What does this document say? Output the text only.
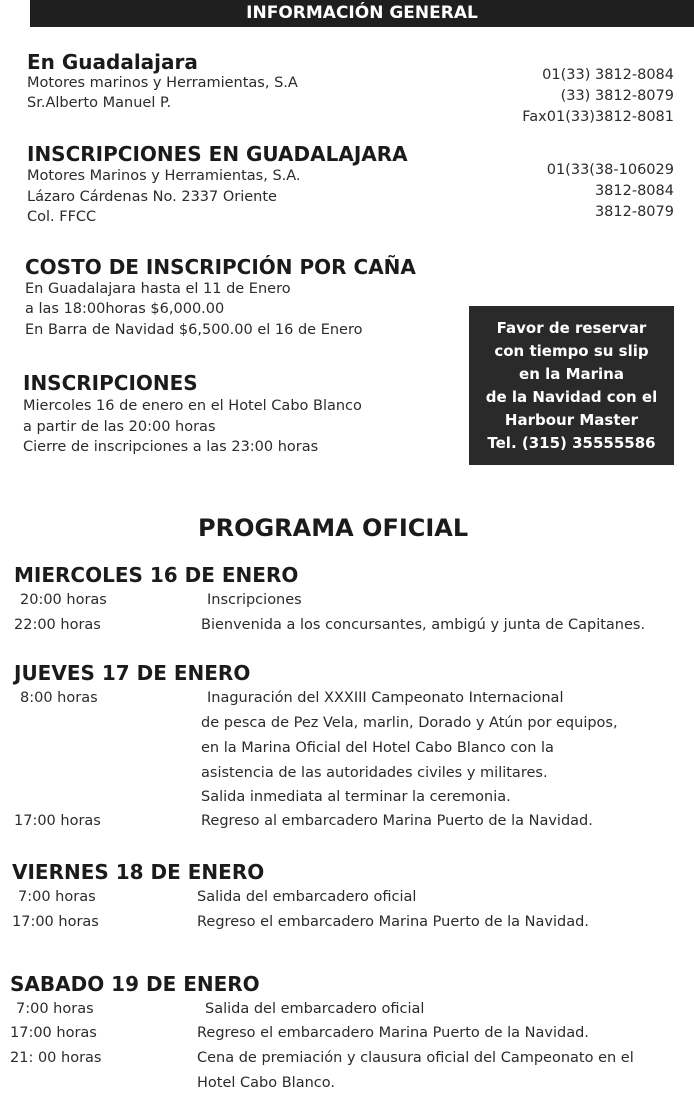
INFORMACIÓN GENERAL
En Guadalajara
Motores marinos y Herramientas, S.A
Sr.Alberto Manuel P.
01(33) 3812-8084
(33) 3812-8079
Fax01(33)3812-8081
INSCRIPCIONES EN GUADALAJARA
Motores Marinos y Herramientas, S.A.
Lázaro Cárdenas No. 2337 Oriente
Col. FFCC
01(33(38-106029
3812-8084
3812-8079
COSTO DE INSCRIPCIÓN POR CAÑA
En Guadalajara hasta el 11 de Enero
a las 18:00horas $6,000.00
En Barra de Navidad $6,500.00 el 16 de Enero
INSCRIPCIONES
Miercoles 16 de enero en el Hotel Cabo Blanco
a partir de las 20:00 horas
Cierre de inscripciones a las 23:00 horas
Favor de reservar
con tiempo su slip
en la Marina
de la Navidad con el
Harbour Master
Tel. (315) 35555586
PROGRAMA OFICIAL
MIERCOLES 16 DE ENERO
20:00 horas	Inscripciones
22:00 horas	Bienvenida a los concursantes, ambigú y junta de Capitanes.
JUEVES 17 DE ENERO
8:00 horas	Inaguración del XXXIII Campeonato Internacional
de pesca de Pez Vela, marlin, Dorado y Atún por equipos,
en la Marina Oficial del Hotel Cabo Blanco con la
asistencia de las autoridades civiles y militares.
Salida inmediata al terminar la ceremonia.
17:00 horas	Regreso al embarcadero Marina Puerto de la Navidad.
VIERNES 18 DE ENERO
7:00 horas	Salida del embarcadero oficial
17:00 horas	Regreso el embarcadero Marina Puerto de la Navidad.
SABADO 19 DE ENERO
7:00 horas	Salida del embarcadero oficial
17:00 horas	Regreso el embarcadero Marina Puerto de la Navidad.
21: 00 horas	Cena de premiación y clausura oficial del Campeonato en el
Hotel Cabo Blanco.
